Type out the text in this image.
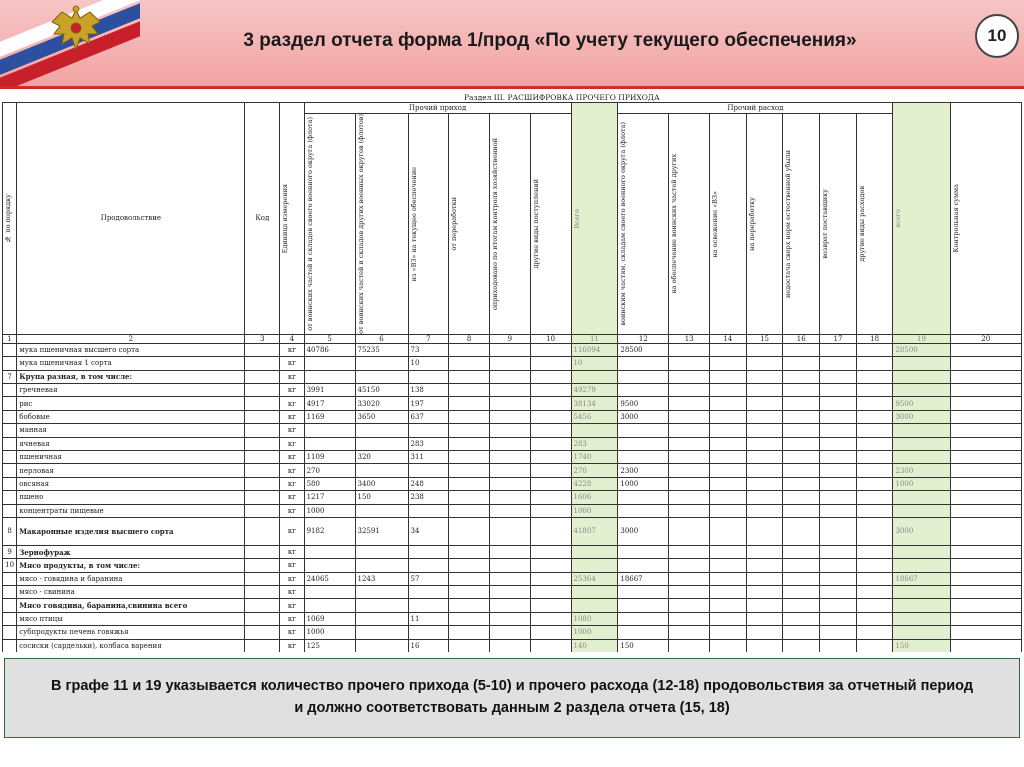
3 раздел отчета форма 1/прод «По учету текущего обеспечения»	10
				Раздел III. РАСШИФРОВКА ПРОЧЕГО ПРИХОДА															

№ по порядку	Продовольствие	Код	Единица измерения	Прочий приход						Всего	Прочий расход							всего	Контрольная сумма

				от воинских частей и складов своего военного округа (флота)	от воинских частей и складов других военных округов (флотов)	из «ВЗ» на текущее обеспечение	от переработки	оприходовано по итогам контроля хозяйственной	другие виды поступлений		воинским частям, складам своего военного округа (флота)	на обеспечение воинских частей других	на освежение «ВЗ»	на переработку	недостача сверх норм естественной убыли	возврат поставщику	другие виды расходов		

1	2	3	4	5	6	7	8	9	10	11	12	13	14	15	16	17	18	19	20
	мука пшеничная высшего сорта		кг	40786	75235	73				116094	28500							28500	
	мука пшеничная 1 сорта		кг			10				10									
7	Крупа разная, в том числе:		кг																
	гречневая		кг	3991	45150	138				49279									
	рис		кг	4917	33020	197				38134	9500							9500	
	бобовые		кг	1169	3650	637				5456	3000							3000	
	манная		кг																
	ячневая		кг			283				283									
	пшеничная		кг	1109	320	311				1740									
	перловая		кг	270						270	2300							2300	
	овсяная		кг	580	3400	248				4228	1000							1000	
	пшено		кг	1217	150	238				1606									
	концентраты пищевые		кг	1000						1000									
8	Макаронные изделия высшего сорта		кг	9182	32591	34				41807	3000							3000	
9	Зернофураж		кг																
10	Мясо продукты, в том числе:		кг																
	мясо - говядина и баранина		кг	24065	1243	57				25364	18667							18667	
	мясо - свинина		кг																
	Мясо говядина, баранина,свинина всего		кг																
	мясо птицы		кг	1069		11				1080									
	субпродукты печень говяжья		кг	1000						1000									
	сосиски (сардельки), колбаса варения		кг	125		16				140	150							150	

В графе 11 и 19 указывается количество прочего прихода (5-10) и прочего расхода (12-18) продовольствия за отчетный период и должно соответствовать данным 2 раздела отчета (15, 18)
